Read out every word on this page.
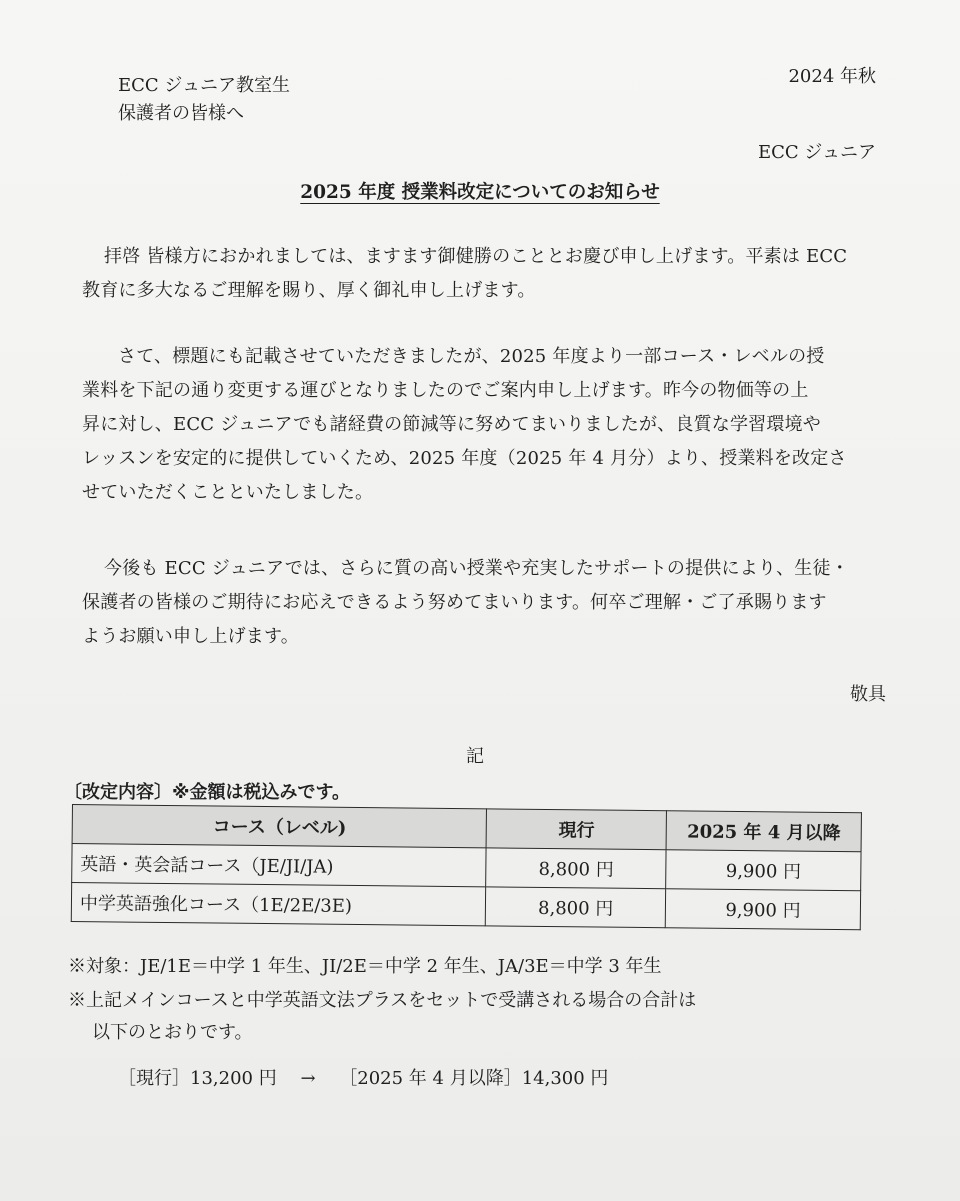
ECC ジュニア教室生
保護者の皆様へ
2024 年秋
ECC ジュニア
2025 年度 授業料改定についてのお知らせ
拝啓 皆様方におかれましては、ますます御健勝のこととお慶び申し上げます。平素は ECC
教育に多大なるご理解を賜り、厚く御礼申し上げます。
さて、標題にも記載させていただきましたが、2025 年度より一部コース・レベルの授
業料を下記の通り変更する運びとなりましたのでご案内申し上げます。昨今の物価等の上
昇に対し、ECC ジュニアでも諸経費の節減等に努めてまいりましたが、良質な学習環境や
レッスンを安定的に提供していくため、2025 年度（2025 年 4 月分）より、授業料を改定さ
せていただくことといたしました。
今後も ECC ジュニアでは、さらに質の高い授業や充実したサポートの提供により、生徒・
保護者の皆様のご期待にお応えできるよう努めてまいります。何卒ご理解・ご了承賜ります
ようお願い申し上げます。
敬具
記
〔改定内容〕※金額は税込みです。
コース（レベル)	現行	2025 年 4 月以降
英語・英会話コース（JE/JI/JA)	8,800 円	9,900 円
中学英語強化コース（1E/2E/3E)	8,800 円	9,900 円
※対象：JE/1E＝中学 1 年生、JI/2E＝中学 2 年生、JA/3E＝中学 3 年生
※上記メインコースと中学英語文法プラスをセットで受講される場合の合計は
以下のとおりです。
［現行］13,200 円 → ［2025 年 4 月以降］14,300 円
